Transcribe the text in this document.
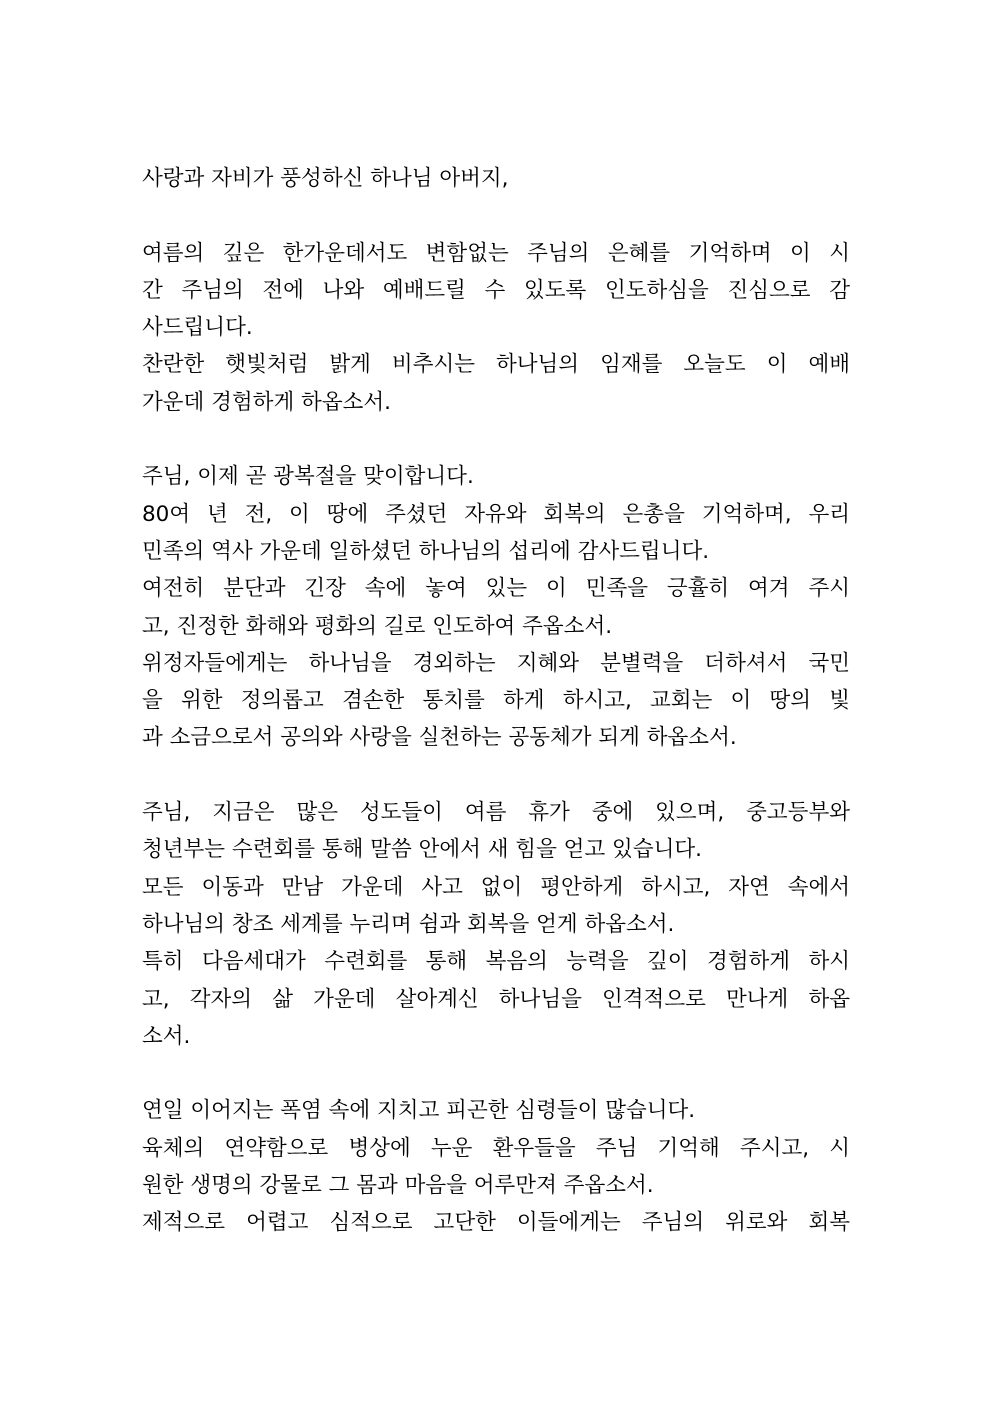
사랑과 자비가 풍성하신 하나님 아버지,
여름의 깊은 한가운데서도 변함없는 주님의 은혜를 기억하며 이 시
간 주님의 전에 나와 예배드릴 수 있도록 인도하심을 진심으로 감
사드립니다.
찬란한 햇빛처럼 밝게 비추시는 하나님의 임재를 오늘도 이 예배
가운데 경험하게 하옵소서.
주님, 이제 곧 광복절을 맞이합니다.
80여 년 전, 이 땅에 주셨던 자유와 회복의 은총을 기억하며, 우리
민족의 역사 가운데 일하셨던 하나님의 섭리에 감사드립니다.
여전히 분단과 긴장 속에 놓여 있는 이 민족을 긍휼히 여겨 주시
고, 진정한 화해와 평화의 길로 인도하여 주옵소서.
위정자들에게는 하나님을 경외하는 지혜와 분별력을 더하셔서 국민
을 위한 정의롭고 겸손한 통치를 하게 하시고, 교회는 이 땅의 빛
과 소금으로서 공의와 사랑을 실천하는 공동체가 되게 하옵소서.
주님, 지금은 많은 성도들이 여름 휴가 중에 있으며, 중고등부와
청년부는 수련회를 통해 말씀 안에서 새 힘을 얻고 있습니다.
모든 이동과 만남 가운데 사고 없이 평안하게 하시고, 자연 속에서
하나님의 창조 세계를 누리며 쉼과 회복을 얻게 하옵소서.
특히 다음세대가 수련회를 통해 복음의 능력을 깊이 경험하게 하시
고, 각자의 삶 가운데 살아계신 하나님을 인격적으로 만나게 하옵
소서.
연일 이어지는 폭염 속에 지치고 피곤한 심령들이 많습니다.
육체의 연약함으로 병상에 누운 환우들을 주님 기억해 주시고, 시
원한 생명의 강물로 그 몸과 마음을 어루만져 주옵소서.
제적으로 어렵고 심적으로 고단한 이들에게는 주님의 위로와 회복
